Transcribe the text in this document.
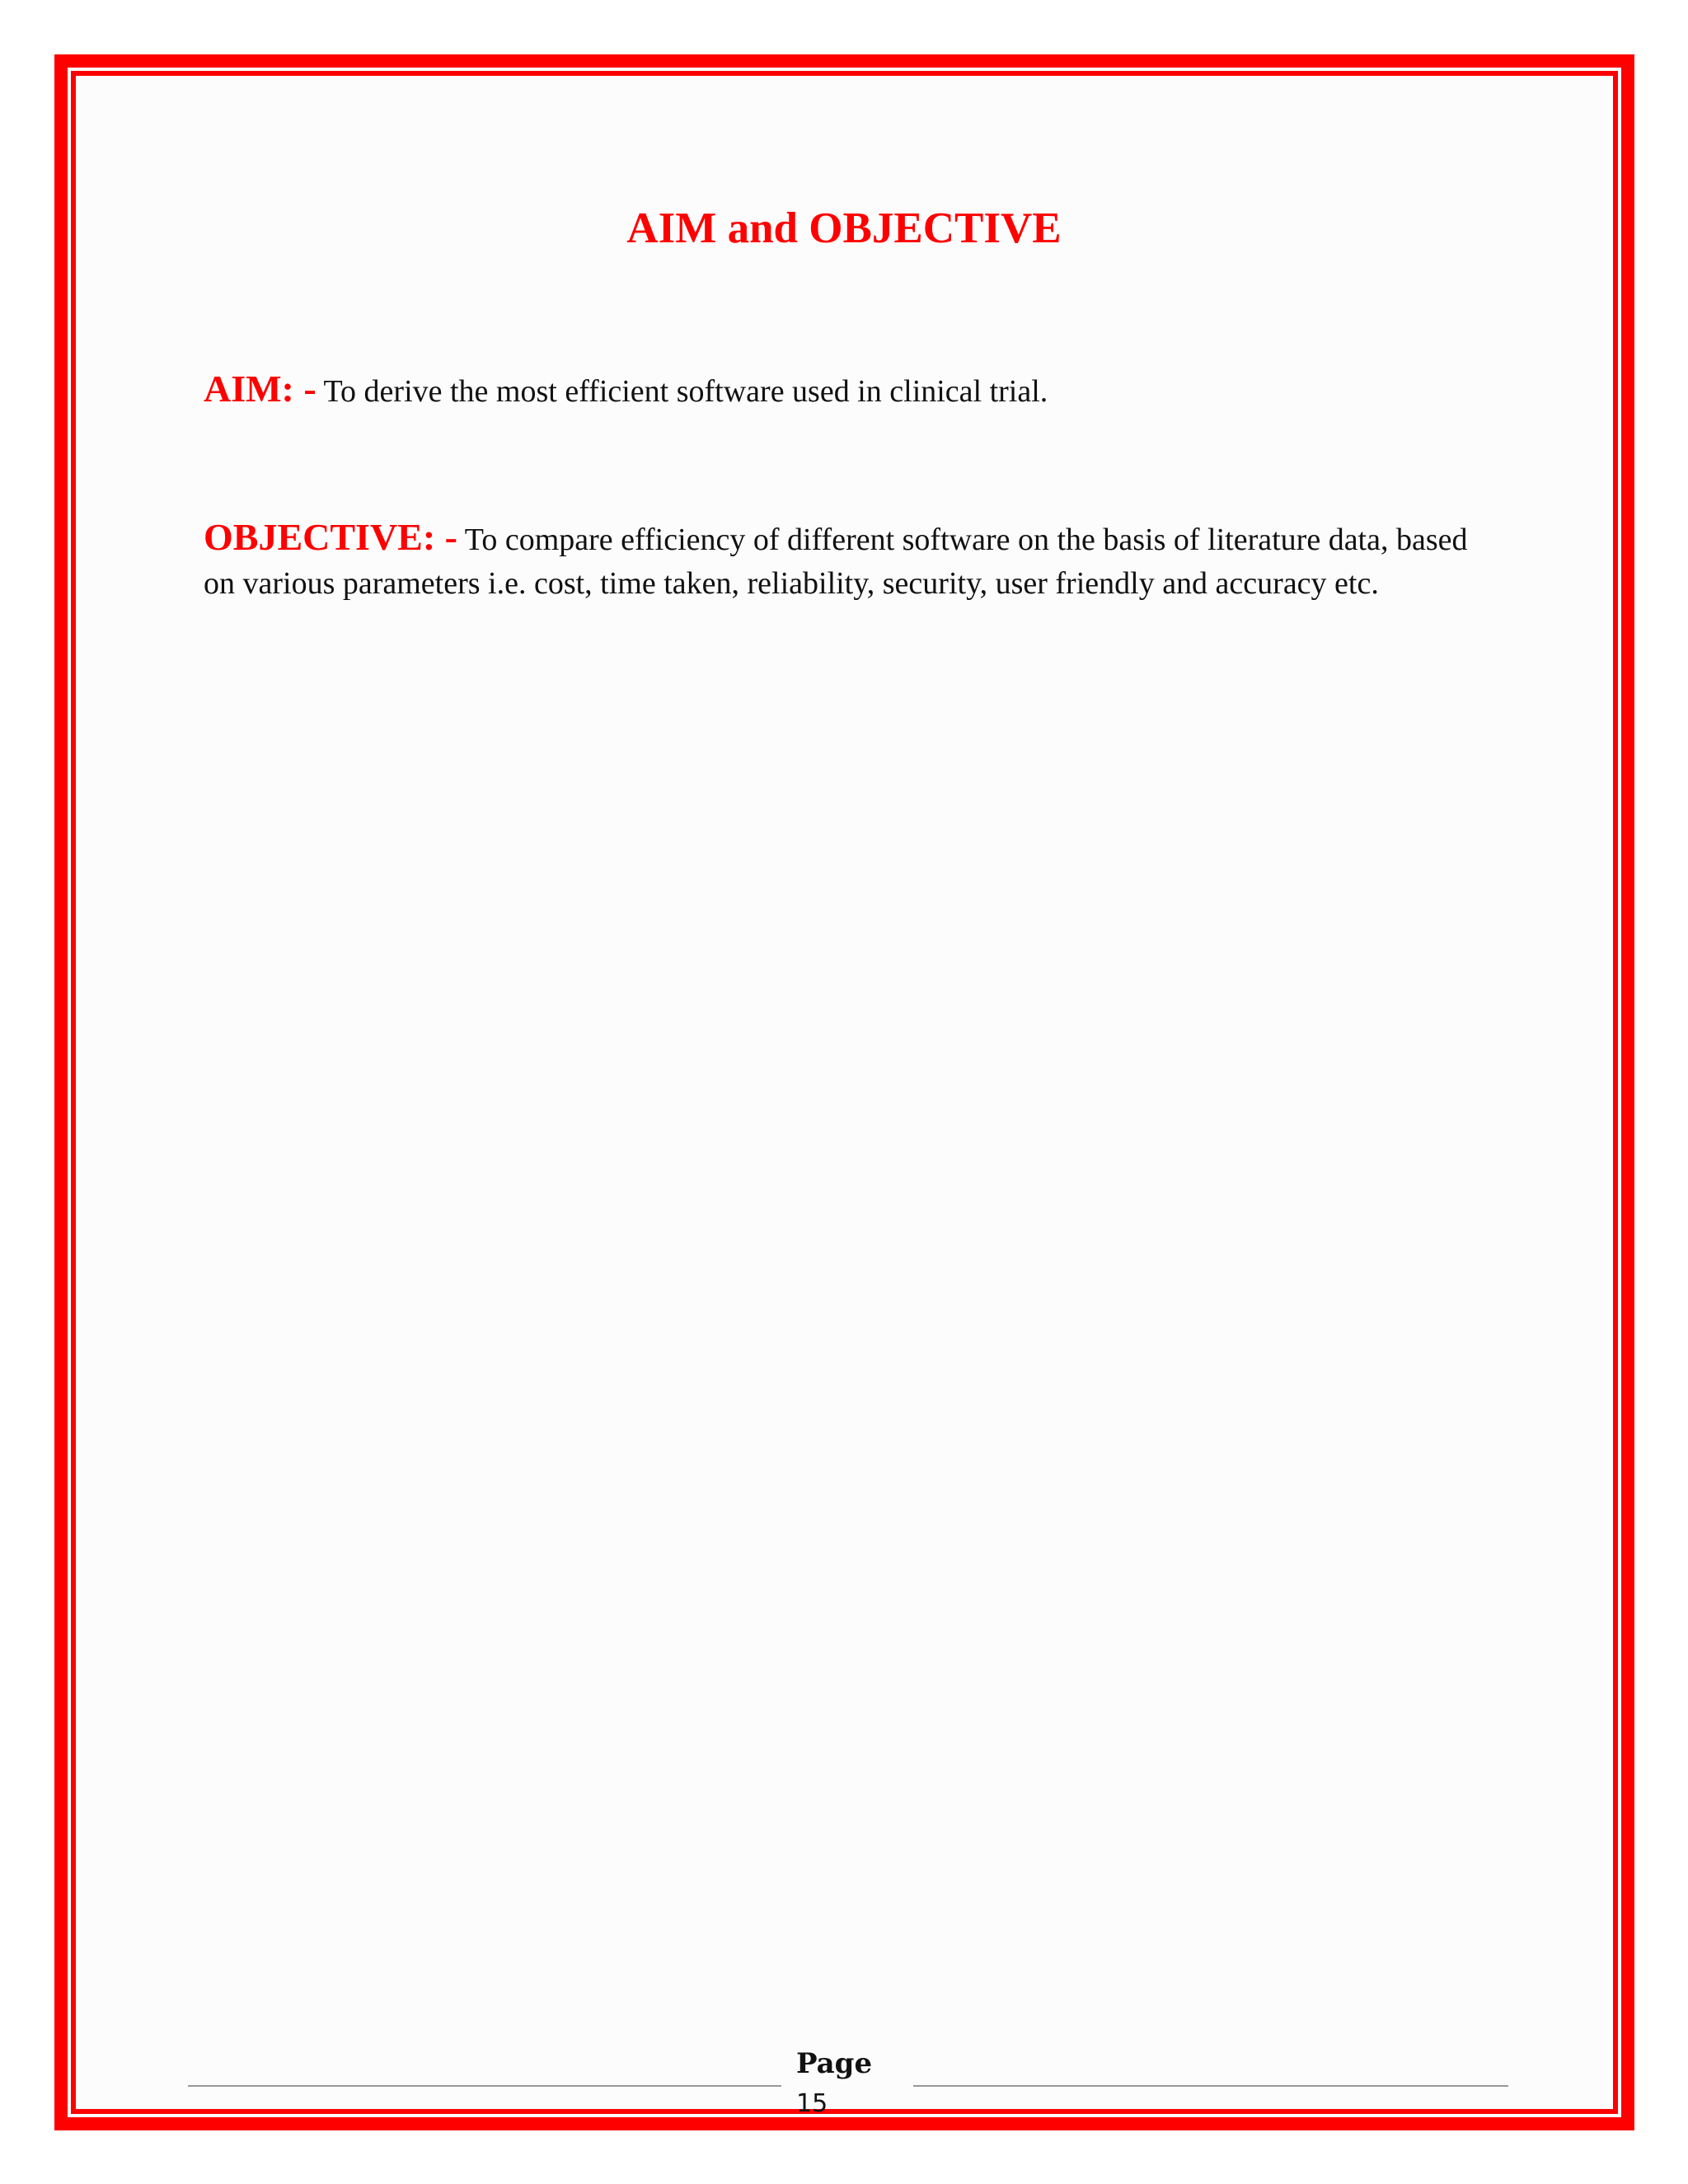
AIM and OBJECTIVE
AIM: - To derive the most efficient software used in clinical trial.
OBJECTIVE: - To compare efficiency of different software on the basis of literature data, based on various parameters i.e. cost, time taken, reliability, security, user friendly and accuracy etc.
Page
15
